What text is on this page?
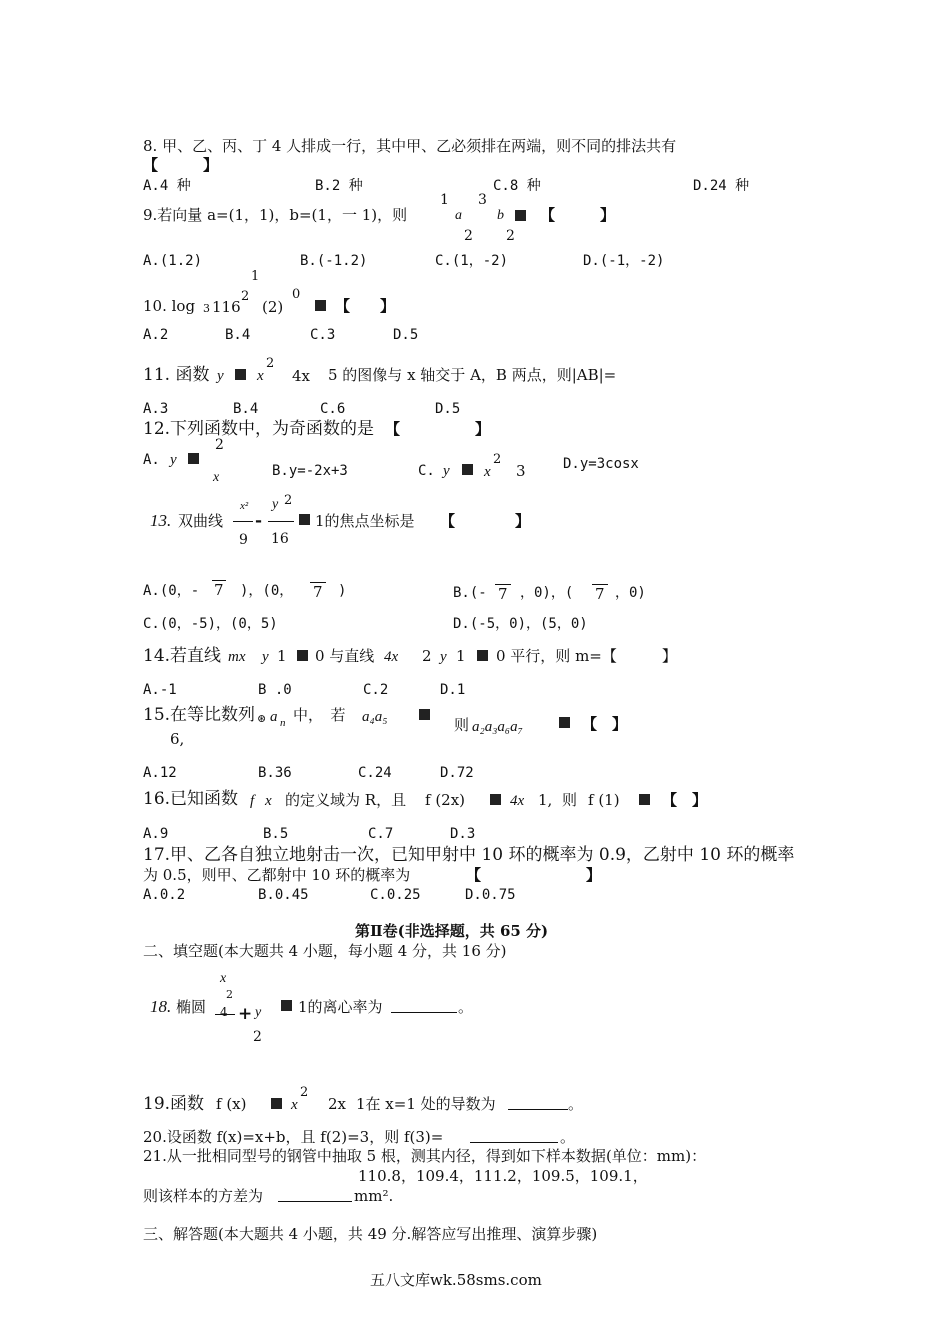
8. 甲、乙、丙、丁 4 人排成一行，其中甲、乙必须排在两端，则不同的排法共有
【　　　】
A.4 种	B.2 种	C.8 种	D.24 种
9.若向量 a=(1，1)，b=(1，一 1)，则
1
a
3
b
2 2
【　　　】
A.(1.2)	B.(-1.2)	C.(1，-2)	D.(-1，-2)
10. log 3 116
1
2
(2)
0
【　　】
A.2	B.4	C.3	D.5
11. 函数 y x
2
4x 5 的图像与 x 轴交于 A，B 两点，则|AB|=
A.3	B.4	C.6	D.5
12.下列函数中，为奇函数的是 【　　　　　】
A. y
2
x	B.y=-2x+3	C. y x
2
3	D.y=3cosx
13. 双曲线
x²
9
-
y 2
16
1的焦点坐标是 【　　　　】
A.(0，- 7 )，(0， 7 )	B.(- 7 ，0)，( 7 ，0)
C.(0，-5)，(0，5)	D.(-5，0)，(5，0)
14.若直线 mx y 1 0 与直线 4x 2 y 1 0 平行，则 m=【　　　】
A.-1	B .0	C.2	D.1
15.在等比数列 ⊛ a n 中，　若 a₄a₅
6,
则 a₂a₃a₆a₇	【　】
A.12	B.36	C.24	D.72
16.已知函数 f x 的定义域为 R，且 f (2x)	4x 1, 则 f (1)	【　】
A.9	B.5	C.7	D.3
17.甲、乙各自独立地射击一次，已知甲射中 10 环的概率为 0.9，乙射中 10 环的概率
为 0.5，则甲、乙都射中 10 环的概率为	【　　　　　　　】
A.0.2	B.0.45	C.0.25	D.0.75
第Ⅱ卷(非选择题，共 65 分)
二、填空题(本大题共 4 小题，每小题 4 分，共 16 分)
18. 椭圆
x
2
4 + y
2
1的离心率为	。
19.函数 f (x)	x
2
2x 1在 x=1 处的导数为	。
20.设函数 f(x)=x+b，且 f(2)=3，则 f(3)=	。
21.从一批相同型号的钢管中抽取 5 根，测其内径，得到如下样本数据(单位：mm)：
110.8，109.4，111.2，109.5，109.1，
则该样本的方差为	mm².
三、解答题(本大题共 4 小题，共 49 分.解答应写出推理、演算步骤)
五八文库wk.58sms.com
